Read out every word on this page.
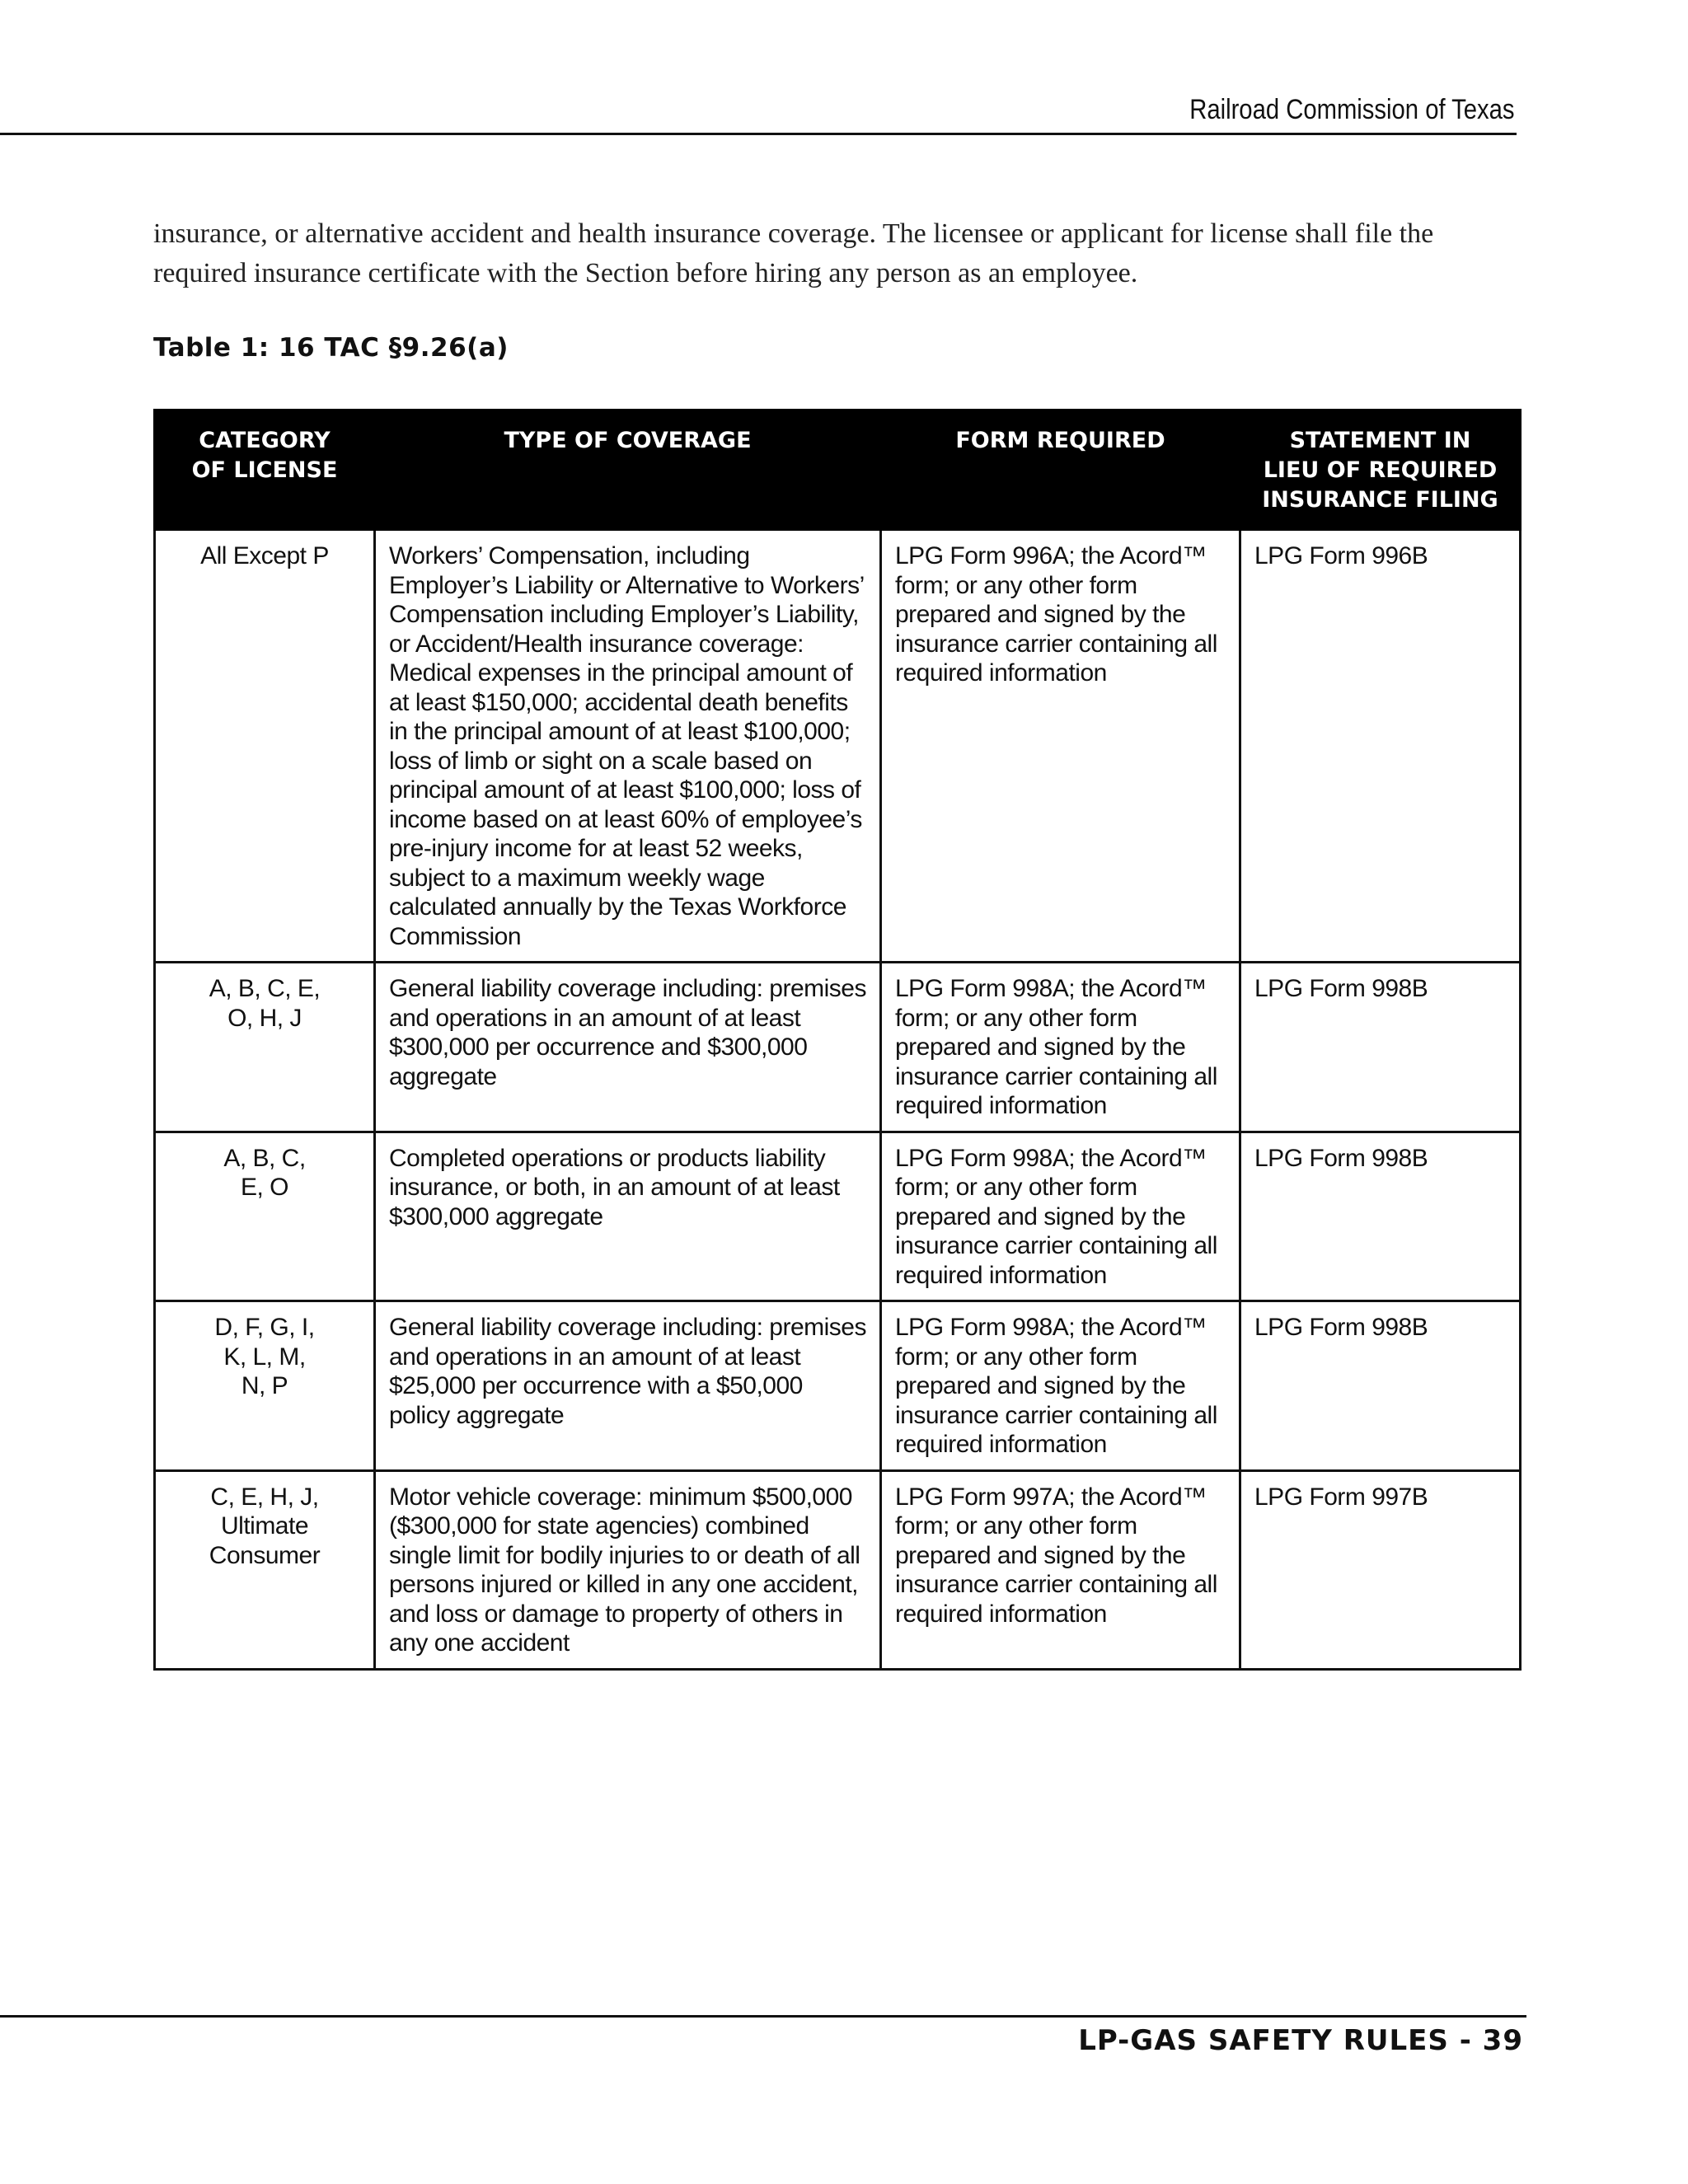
Railroad Commission of Texas

insurance, or alternative accident and health insurance coverage. The licensee or applicant for license shall file the required insurance certificate with the Section before hiring any person as an employee.

Table 1: 16 TAC §9.26(a)
CATEGORY OF LICENSE	TYPE OF COVERAGE	FORM REQUIRED	STATEMENT IN LIEU OF REQUIRED INSURANCE FILING
All Except P	Workers’ Compensation, including Employer’s Liability or Alternative to Workers’ Compensation including Employer’s Liability, or Accident/Health insurance coverage: Medical expenses in the principal amount of at least $150,000; accidental death benefits in the principal amount of at least $100,000; loss of limb or sight on a scale based on principal amount of at least $100,000; loss of income based on at least 60% of employee’s pre-injury income for at least 52 weeks, subject to a maximum weekly wage calculated annually by the Texas Workforce Commission	LPG Form 996A; the Acord™ form; or any other form prepared and signed by the insurance carrier containing all required information	LPG Form 996B
A, B, C, E, O, H, J	General liability coverage including: premises and operations in an amount of at least $300,000 per occurrence and $300,000 aggregate	LPG Form 998A; the Acord™ form; or any other form prepared and signed by the insurance carrier containing all required information	LPG Form 998B
A, B, C, E, O	Completed operations or products liability insurance, or both, in an amount of at least $300,000 aggregate	LPG Form 998A; the Acord™ form; or any other form prepared and signed by the insurance carrier containing all required information	LPG Form 998B
D, F, G, I, K, L, M, N, P	General liability coverage including: premises and operations in an amount of at least $25,000 per occurrence with a $50,000 policy aggregate	LPG Form 998A; the Acord™ form; or any other form prepared and signed by the insurance carrier containing all required information	LPG Form 998B
C, E, H, J, Ultimate Consumer	Motor vehicle coverage: minimum $500,000 ($300,000 for state agencies) combined single limit for bodily injuries to or death of all persons injured or killed in any one accident, and loss or damage to property of others in any one accident	LPG Form 997A; the Acord™ form; or any other form prepared and signed by the insurance carrier containing all required information	LPG Form 997B
LP-GAS SAFETY RULES - 39
